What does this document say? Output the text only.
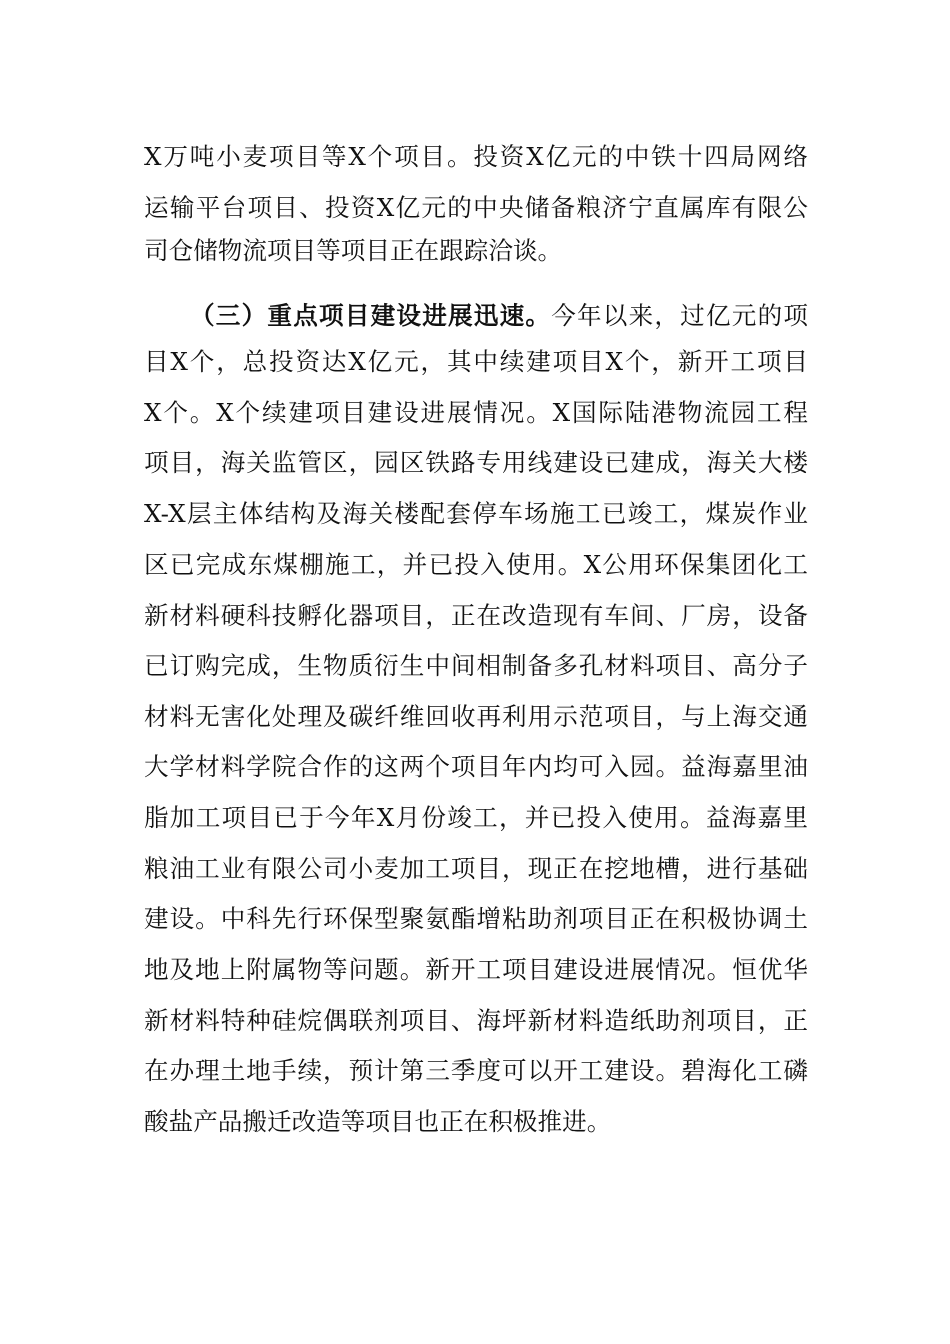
X万吨小麦项目等X个项目。投资X亿元的中铁十四局网络

运输平台项目、投资X亿元的中央储备粮济宁直属库有限公

司仓储物流项目等项目正在跟踪洽谈。

（三）重点项目建设进展迅速。今年以来，过亿元的项

目X个，总投资达X亿元，其中续建项目X个，新开工项目

X个。X个续建项目建设进展情况。X国际陆港物流园工程

项目，海关监管区，园区铁路专用线建设已建成，海关大楼

X-X层主体结构及海关楼配套停车场施工已竣工，煤炭作业

区已完成东煤棚施工，并已投入使用。X公用环保集团化工

新材料硬科技孵化器项目，正在改造现有车间、厂房，设备

已订购完成，生物质衍生中间相制备多孔材料项目、高分子

材料无害化处理及碳纤维回收再利用示范项目，与上海交通

大学材料学院合作的这两个项目年内均可入园。益海嘉里油

脂加工项目已于今年X月份竣工，并已投入使用。益海嘉里

粮油工业有限公司小麦加工项目，现正在挖地槽，进行基础

建设。中科先行环保型聚氨酯增粘助剂项目正在积极协调土

地及地上附属物等问题。新开工项目建设进展情况。恒优华

新材料特种硅烷偶联剂项目、海坪新材料造纸助剂项目，正

在办理土地手续，预计第三季度可以开工建设。碧海化工磷

酸盐产品搬迁改造等项目也正在积极推进。
